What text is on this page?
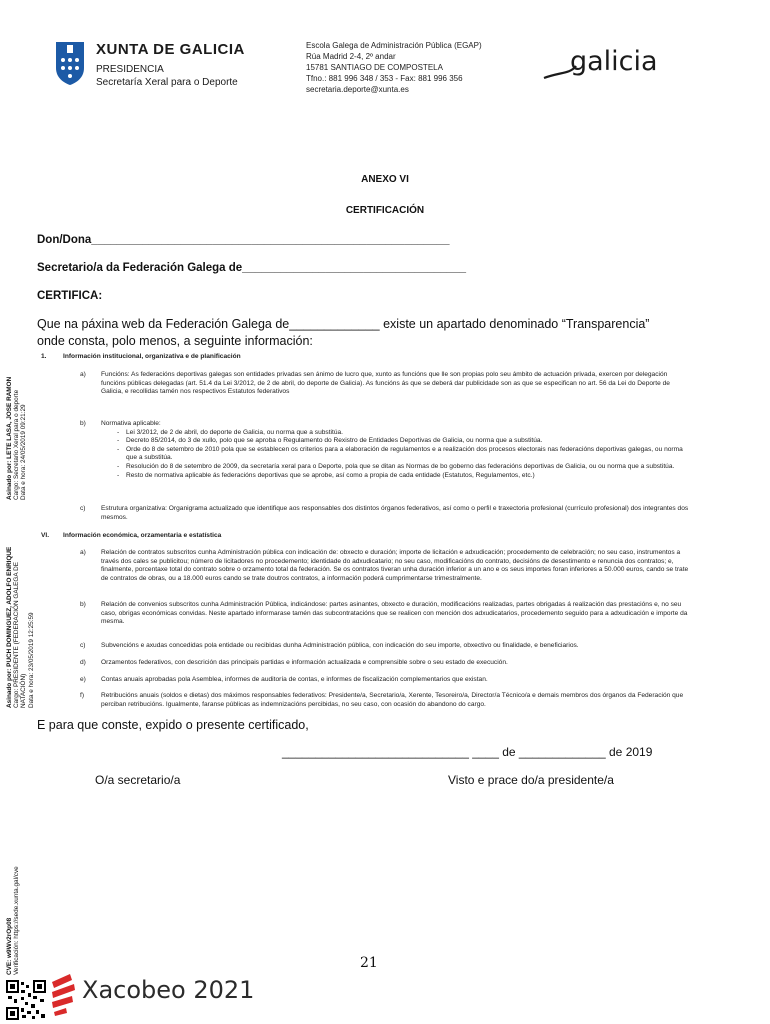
XUNTA DE GALICIA
PRESIDENCIA
Secretaría Xeral para o Deporte
Escola Galega de Administración Pública (EGAP)
Rúa Madrid 2-4, 2º andar
15781 SANTIAGO DE COMPOSTELA
Tfno.: 881 996 348 / 353 - Fax: 881 996 356
secretaria.deporte@xunta.es
galicia
ANEXO VI
CERTIFICACIÓN
Don/Dona________________________________________________________
Secretario/a da Federación Galega de___________________________________
CERTIFICA:
Que na páxina web da Federación Galega de_____________ existe un apartado denominado “Transparencia”
onde consta, polo menos, a seguinte información:
1.	Información institucional, organizativa e de planificación
a) Funcións: As federacións deportivas galegas son entidades privadas sen ánimo de lucro que, xunto as funcións que lle son propias polo seu ámbito de actuación privada, exercen por delegación funcións públicas delegadas (art. 51.4 da Lei 3/2012, de 2 de abril, do deporte de Galicia). As funcións ás que se deberá dar publicidade son as que se especifican no art. 56 da Lei do Deporte de Galicia, e recollidas tamén nos respectivos Estatutos federativos
b) Normativa aplicable:
- Lei 3/2012, de 2 de abril, do deporte de Galicia, ou norma que a substitúa.
- Decreto 85/2014, do 3 de xullo, polo que se aproba o Regulamento do Rexistro de Entidades Deportivas de Galicia, ou norma que a substitúa.
- Orde do 8 de setembro de 2010 pola que se establecen os criterios para a elaboración de regulamentos e a realización dos procesos electorais nas federacións deportivas galegas, ou norma que a substitúa.
- Resolución do 8 de setembro de 2009, da secretaría xeral para o Deporte, pola que se ditan as Normas de bo goberno das federacións deportivas de Galicia, ou ou norma que a substitúa.
- Resto de normativa aplicable ás federacións deportivas que se aprobe, así como a propia de cada entidade (Estatutos, Regulamentos, etc.)
c) Estrutura organizativa: Organigrama actualizado que identifique aos responsables dos distintos órganos federativos, así como o perfil e traxectoria profesional (currículo profesional) dos integrantes dos mesmos.
VI. Información económica, orzamentaria e estatística
a) Relación de contratos subscritos cunha Administración pública con indicación de: obxecto e duración; importe de licitación e adxudicación; procedemento de celebración; no seu caso, instrumentos a través dos cales se publicitou; número de licitadores no procedemento; identidade do adxudicatario; no seu caso, modificacións do contrato, decisións de desestimento e renuncia dos contratos; e, finalmente, porcentaxe total do contrato sobre o orzamento total da federación. Se os contratos tiveran unha duración inferior a un ano e os seus importes foran inferiores a 50.000 euros, cando se trate de contratos de obras, ou a 18.000 euros cando se trate doutros contratos, a información poderá cumprimentarse trimestralmente.
b) Relación de convenios subscritos cunha Administración Pública, indicándose: partes asinantes, obxecto e duración, modificacións realizadas, partes obrigadas á realización das prestacións e, no seu caso, obrigas económicas convidas. Neste apartado informarase tamén das subcontratacións que se realicen con mención dos adxudicatarios, procedemento seguido para a adxudicación e importe da mesma.
c) Subvencións e axudas concedidas pola entidade ou recibidas dunha Administración pública, con indicación do seu importe, obxectivo ou finalidade, e beneficiarios.
d) Orzamentos federativos, con descrición das principais partidas e información actualizada e comprensible sobre o seu estado de execución.
e) Contas anuais aprobadas pola Asemblea, informes de auditoría de contas, e informes de fiscalización complementarios que existan.
f)	Retribucións anuais (soldos e dietas) dos máximos responsables federativos: Presidente/a, Secretario/a, Xerente, Tesoreiro/a, Director/a Técnico/a e demais membros dos órganos da Federación que perciban retribucións. Igualmente, faranse públicas as indemnizacións percibidas, no seu caso, con ocasión do abandono do cargo.
E para que conste, expido o presente certificado,
____________________________ ____ de _____________ de 2019
O/a secretario/a	Visto e prace do/a presidente/a
21
Asinado por: LETE LASA, JOSE RAMON Cargo: Secretario Xeral para o deporte Data e hora: 24/05/2019 09:21:29
Asinado por: PUCH DOMINGUEZ, ADOLFO ENRIQUE Cargo: PRESIDENTE (FEDERACIÓN GALEGA DE NATACIÓN) Data e hora: 23/05/2019 12:25:59
CVE: w9Wv2rOp08 Verificación: https://sede.xunta.gal/cve
Xacobeo 2021
